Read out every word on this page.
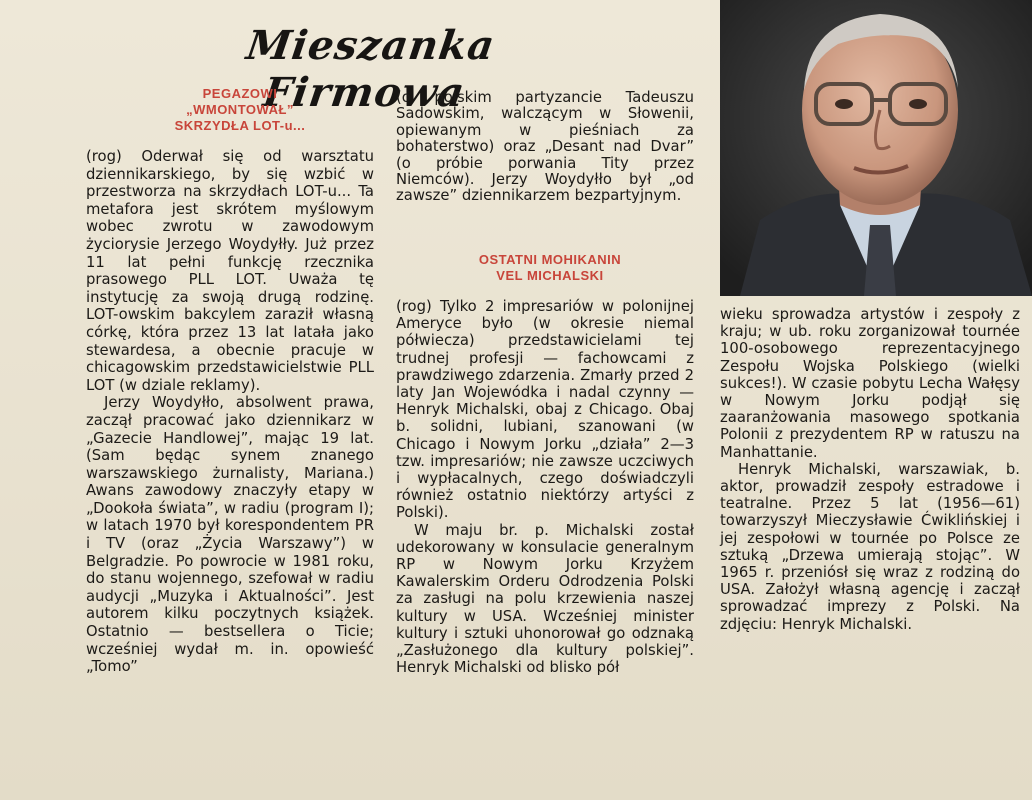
Mieszanka Firmowa
PEGAZOWI
„WMONTOWAŁ”
SKRZYDŁA LOT-u...

(rog) Oderwał się od warsztatu dziennikarskiego, by się wzbić w przestworza na skrzydłach LOT-u... Ta metafora jest skrótem myślowym wobec zwrotu w zawodowym życiorysie Jerzego Woydyłły. Już przez 11 lat pełni funkcję rzecznika prasowego PLL LOT. Uważa tę instytucję za swoją drugą rodzinę. LOT-owskim bakcylem zaraził własną córkę, która przez 13 lat latała jako stewardesa, a obecnie pracuje w chicagowskim przedstawicielstwie PLL LOT (w dziale reklamy).

Jerzy Woydyłło, absolwent prawa, zaczął pracować jako dziennikarz w „Gazecie Handlowej”, mając 19 lat. (Sam będąc synem znanego warszawskiego żurnalisty, Mariana.) Awans zawodowy znaczyły etapy w „Dookoła świata”, w radiu (program I); w latach 1970 był korespondentem PR i TV (oraz „Życia Warszawy”) w Belgradzie. Po powrocie w 1981 roku, do stanu wojennego, szefował w radiu audycji „Muzyka i Aktualności”. Jest autorem kilku poczytnych książek. Ostatnio — bestsellera o Ticie; wcześniej wydał m. in. opowieść „Tomo”

(o polskim partyzancie Tadeuszu Sadowskim, walczącym w Słowenii, opiewanym w pieśniach za bohaterstwo) oraz „Desant nad Dvar” (o próbie porwania Tity przez Niemców). Jerzy Woydyłło był „od zawsze” dziennikarzem bezpartyjnym.

OSTATNI MOHIKANIN
VEL MICHALSKI

(rog) Tylko 2 impresariów w polonijnej Ameryce było (w okresie niemal półwiecza) przedstawicielami tej trudnej profesji — fachowcami z prawdziwego zdarzenia. Zmarły przed 2 laty Jan Wojewódka i nadal czynny — Henryk Michalski, obaj z Chicago. Obaj b. solidni, lubiani, szanowani (w Chicago i Nowym Jorku „działa” 2—3 tzw. impresariów; nie zawsze uczciwych i wypłacalnych, czego doświadczyli również ostatnio niektórzy artyści z Polski).

W maju br. p. Michalski został udekorowany w konsulacie generalnym RP w Nowym Jorku Krzyżem Kawalerskim Orderu Odrodzenia Polski za zasługi na polu krzewienia naszej kultury w USA. Wcześniej minister kultury i sztuki uhonorował go odznaką „Zasłużonego dla kultury polskiej”. Henryk Michalski od blisko pół

wieku sprowadza artystów i zespoły z kraju; w ub. roku zorganizował tournée 100-osobowego reprezentacyjnego Zespołu Wojska Polskiego (wielki sukces!). W czasie pobytu Lecha Wałęsy w Nowym Jorku podjął się zaaranżowania masowego spotkania Polonii z prezydentem RP w ratuszu na Manhattanie.

Henryk Michalski, warszawiak, b. aktor, prowadził zespoły estradowe i teatralne. Przez 5 lat (1956—61) towarzyszył Mieczysławie Ćwiklińskiej i jej zespołowi w tournée po Polsce ze sztuką „Drzewa umierają stojąc”. W 1965 r. przeniósł się wraz z rodziną do USA. Założył własną agencję i zaczął sprowadzać imprezy z Polski. Na zdjęciu: Henryk Michalski.
